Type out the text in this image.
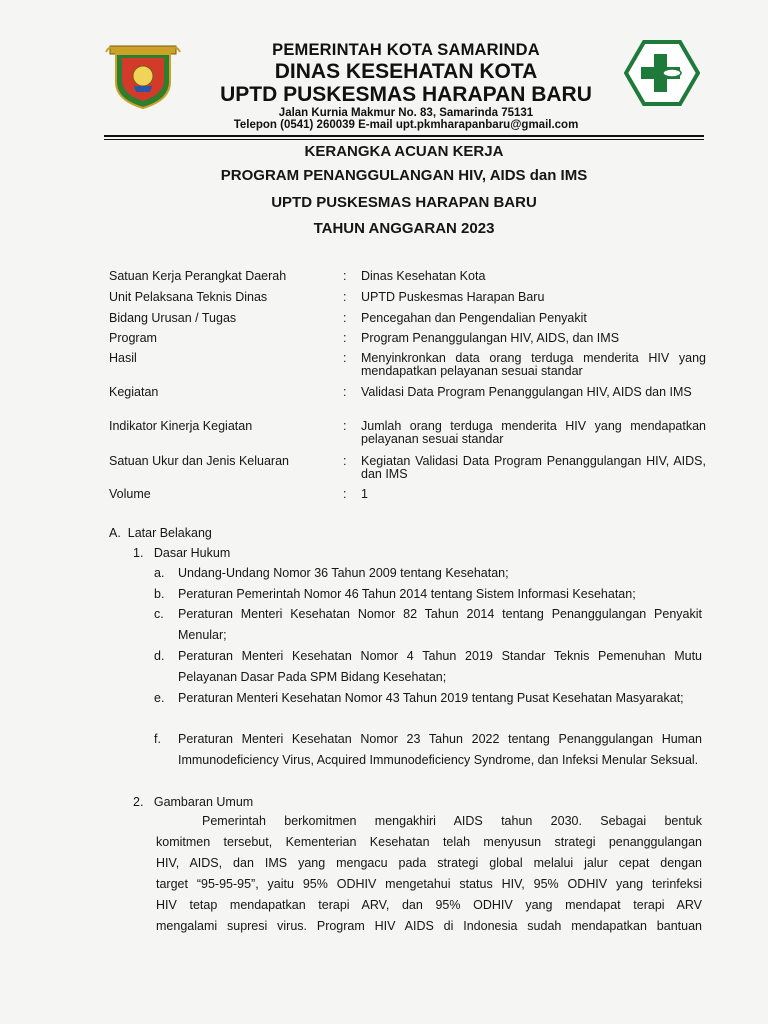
PEMERINTAH KOTA SAMARINDA
DINAS KESEHATAN KOTA
UPTD PUSKESMAS HARAPAN BARU
Jalan Kurnia Makmur No. 83, Samarinda 75131
Telepon (0541) 260039 E-mail upt.pkmharapanbaru@gmail.com
KERANGKA ACUAN KERJA
PROGRAM PENANGGULANGAN HIV, AIDS dan IMS
UPTD PUSKESMAS HARAPAN BARU
TAHUN ANGGARAN 2023
Satuan Kerja Perangkat Daerah	: Dinas Kesehatan Kota
Unit Pelaksana Teknis Dinas	: UPTD Puskesmas Harapan Baru
Bidang Urusan / Tugas	: Pencegahan dan Pengendalian Penyakit
Program	: Program Penanggulangan HIV, AIDS, dan IMS
Hasil	: Menyinkronkan data orang terduga menderita HIV yang mendapatkan pelayanan sesuai standar
Kegiatan	: Validasi Data Program Penanggulangan HIV, AIDS dan IMS
Indikator Kinerja Kegiatan	: Jumlah orang terduga menderita HIV yang mendapatkan pelayanan sesuai standar
Satuan Ukur dan Jenis Keluaran	: Kegiatan Validasi Data Program Penanggulangan HIV, AIDS, dan IMS
Volume	: 1
A.  Latar Belakang
1.   Dasar Hukum
a. Undang-Undang Nomor 36 Tahun 2009 tentang Kesehatan;
b. Peraturan Pemerintah Nomor 46 Tahun 2014 tentang Sistem Informasi Kesehatan;
c. Peraturan Menteri Kesehatan Nomor 82 Tahun 2014 tentang Penanggulangan Penyakit Menular;
d. Peraturan Menteri Kesehatan Nomor 4 Tahun 2019 Standar Teknis Pemenuhan Mutu Pelayanan Dasar Pada SPM Bidang Kesehatan;
e. Peraturan Menteri Kesehatan Nomor 43 Tahun 2019 tentang Pusat Kesehatan Masyarakat;
f. Peraturan Menteri Kesehatan Nomor 23 Tahun 2022 tentang Penanggulangan Human Immunodeficiency Virus, Acquired Immunodeficiency Syndrome, dan Infeksi Menular Seksual.
2.   Gambaran Umum
Pemerintah berkomitmen mengakhiri AIDS tahun 2030. Sebagai bentuk
komitmen tersebut, Kementerian Kesehatan telah menyusun strategi penanggulangan
HIV, AIDS, dan IMS yang mengacu pada strategi global melalui jalur cepat dengan
target “95-95-95”, yaitu 95% ODHIV mengetahui status HIV, 95% ODHIV yang terinfeksi
HIV tetap mendapatkan terapi ARV, dan 95% ODHIV yang mendapat terapi ARV
mengalami supresi virus. Program HIV AIDS di Indonesia sudah mendapatkan bantuan
